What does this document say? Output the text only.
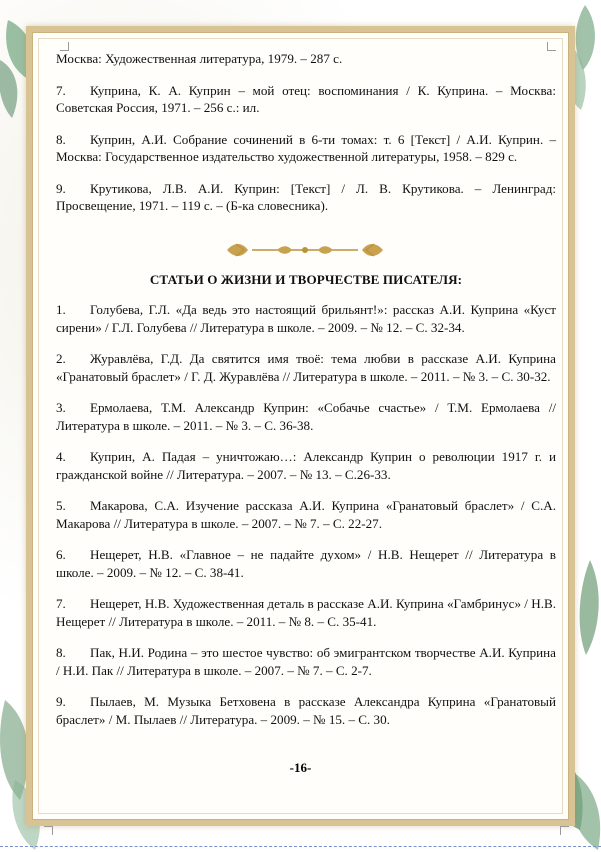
Москва: Художественная литература, 1979. – 287 с.
7. Куприна, К. А. Куприн – мой отец: воспоминания / К. Куприна. – Москва: Советская Россия, 1971. – 256 с.: ил.
8. Куприн, А.И. Собрание сочинений в 6-ти томах: т. 6 [Текст] / А.И. Куприн. – Москва: Государственное издательство художественной литературы, 1958. – 829 с.
9. Крутикова, Л.В. А.И. Куприн: [Текст] / Л. В. Крутикова. – Ленинград: Просвещение, 1971. – 119 с. – (Б-ка словесника).
СТАТЬИ О ЖИЗНИ И ТВОРЧЕСТВЕ ПИСАТЕЛЯ:
1. Голубева, Г.Л. «Да ведь это настоящий брильянт!»: рассказ А.И. Куприна «Куст сирени» / Г.Л. Голубева // Литература в школе. – 2009. – № 12. – С. 32-34.
2. Журавлёва, Г.Д. Да святится имя твоё: тема любви в рассказе А.И. Куприна «Гранатовый браслет» / Г. Д. Журавлёва // Литература в школе. – 2011. – № 3. – С. 30-32.
3. Ермолаева, Т.М. Александр Куприн: «Собачье счастье» / Т.М. Ермолаева // Литература в школе. – 2011. – № 3. – С. 36-38.
4. Куприн, А. Падая – уничтожаю…: Александр Куприн о революции 1917 г. и гражданской войне // Литература. – 2007. – № 13. – С.26-33.
5. Макарова, С.А. Изучение рассказа А.И. Куприна «Гранатовый браслет» / С.А. Макарова // Литература в школе. – 2007. – № 7. – С. 22-27.
6. Нещерет, Н.В. «Главное – не падайте духом» / Н.В. Нещерет // Литература в школе. – 2009. – № 12. – С. 38-41.
7. Нещерет, Н.В. Художественная деталь в рассказе А.И. Куприна «Гамбринус» / Н.В. Нещерет // Литература в школе. – 2011. – № 8. – С. 35-41.
8. Пак, Н.И. Родина – это шестое чувство: об эмигрантском творчестве А.И. Куприна / Н.И. Пак // Литература в школе. – 2007. – № 7. – С. 2-7.
9. Пылаев, М. Музыка Бетховена в рассказе Александра Куприна «Гранатовый браслет» / М. Пылаев // Литература. – 2009. – № 15. – С. 30.
-16-
